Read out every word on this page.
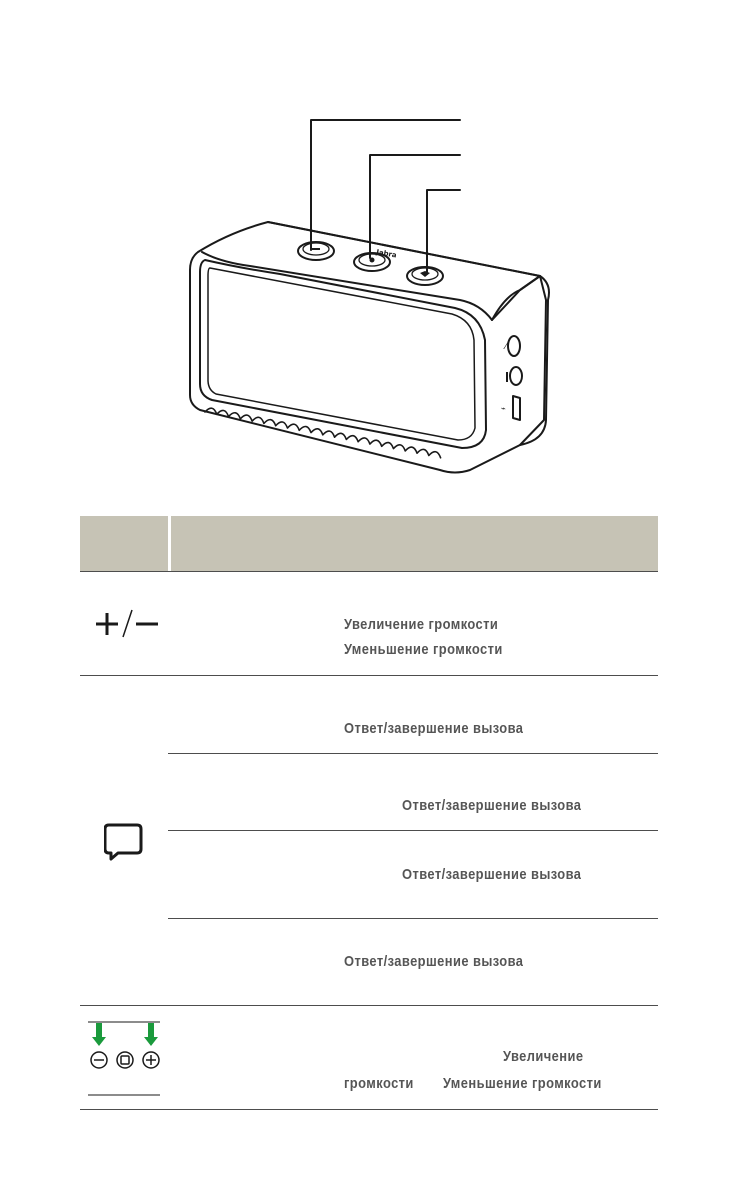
Jabra
⁄
⌁
Увеличение громкости
Уменьшение громкости
Ответ/завершение вызова
Ответ/завершение вызова
Ответ/завершение вызова
Ответ/завершение вызова
Увеличение
громкости Уменьшение громкости
